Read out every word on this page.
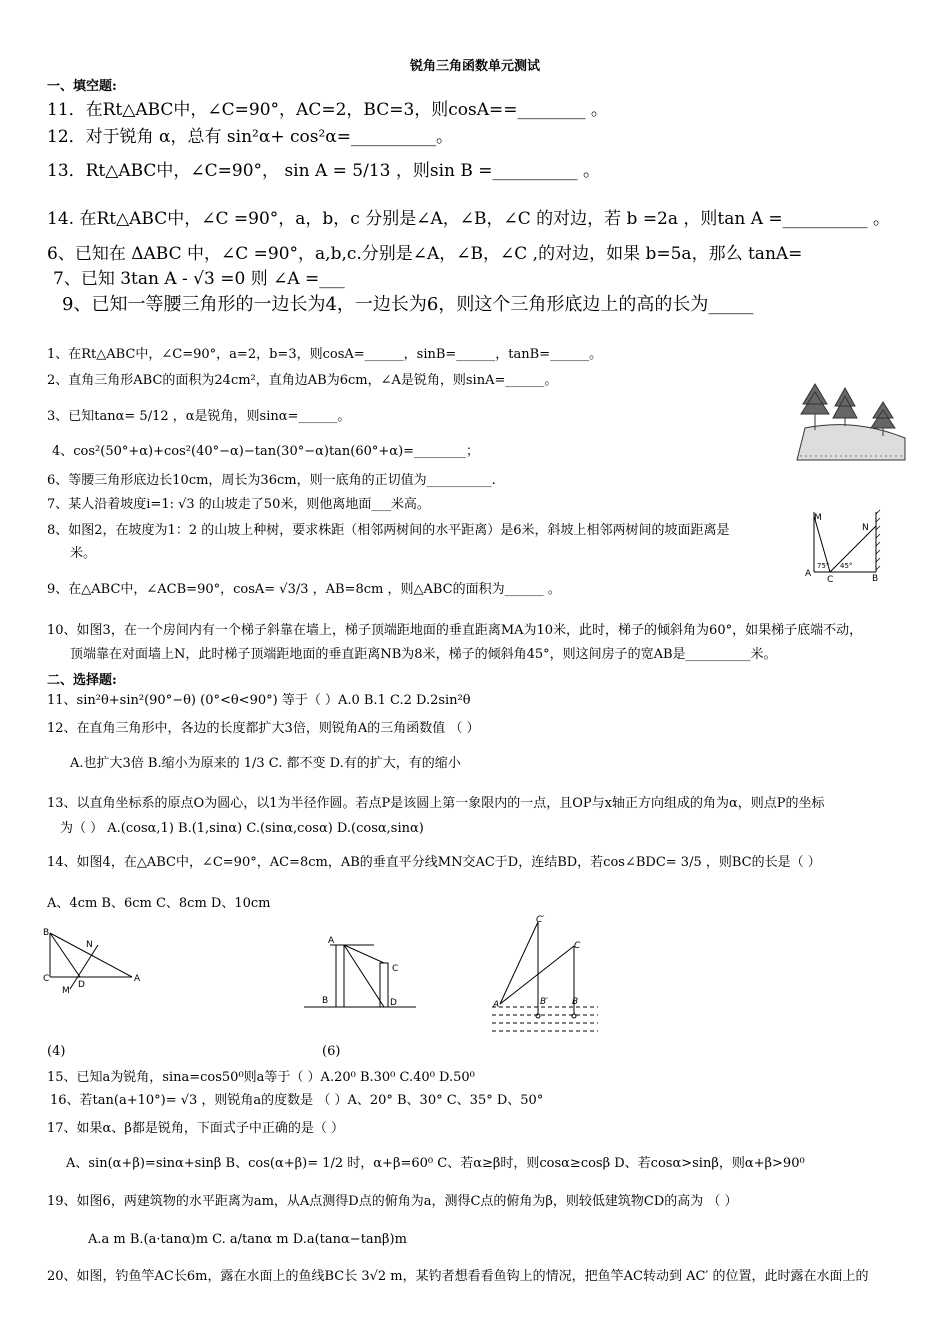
锐角三角函数单元测试
一、填空题:
11．在Rt△ABC中，∠C=90°，AC=2，BC=3，则cosA==________ 。
12．对于锐角 α，总有 sin²α+ cos²α=__________。
13．Rt△ABC中，∠C=90°， sin A = 5/13 ，则sin B =__________ 。
14. 在Rt△ABC中，∠C =90°，a，b，c 分别是∠A，∠B，∠C 的对边，若 b =2a ，则tan A =__________ 。
6、已知在 ΔABC 中，∠C =90°，a,b,c.分别是∠A，∠B，∠C ,的对边，如果 b=5a，那么 tanA=
7、已知 3tan A - √3 =0 则 ∠A =___
9、已知一等腰三角形的一边长为4，一边长为6，则这个三角形底边上的高的长为_____
1、在Rt△ABC中，∠C=90°，a=2，b=3，则cosA=______，sinB=______，tanB=______。
2、直角三角形ABC的面积为24cm²，直角边AB为6cm，∠A是锐角，则sinA=______。
3、已知tanα= 5/12 ，α是锐角，则sinα=______。
4、cos²(50°+α)+cos²(40°−α)−tan(30°−α)tan(60°+α)=________；
6、等腰三角形底边长10cm，周长为36cm，则一底角的正切值为__________.
7、某人沿着坡度i=1: √3 的山坡走了50米，则他离地面___米高。
8、如图2，在坡度为1：2 的山坡上种树，要求株距（相邻两树间的水平距离）是6米，斜坡上相邻两树间的坡面距离是
米。
9、在△ABC中，∠ACB=90°，cosA= √3/3 ，AB=8cm ，则△ABC的面积为______ 。
10、如图3，在一个房间内有一个梯子斜靠在墙上，梯子顶端距地面的垂直距离MA为10米，此时，梯子的倾斜角为60°，如果梯子底端不动，
顶端靠在对面墙上N，此时梯子顶端距地面的垂直距离NB为8米，梯子的倾斜角45°，则这间房子的宽AB是__________米。
二、选择题:
11、sin²θ+sin²(90°−θ) (0°<θ<90°) 等于（ ）A.0 B.1 C.2 D.2sin²θ
12、在直角三角形中，各边的长度都扩大3倍，则锐角A的三角函数值 （ ）
A.也扩大3倍 B.缩小为原来的 1/3 C. 都不变 D.有的扩大，有的缩小
13、以直角坐标系的原点O为圆心，以1为半径作圆。若点P是该圆上第一象限内的一点，且OP与x轴正方向组成的角为α，则点P的坐标
为（ ） A.(cosα,1) B.(1,sinα) C.(sinα,cosα) D.(cosα,sinα)
14、如图4，在△ABC中，∠C=90°，AC=8cm，AB的垂直平分线MN交AC于D，连结BD，若cos∠BDC= 3/5 ，则BC的长是（ ）
A、4cm B、6cm C、8cm D、10cm
(4)	(6)
15、已知a为锐角，sina=cos50⁰则a等于（ ）A.20⁰ B.30⁰ C.40⁰ D.50⁰
16、若tan(a+10°)= √3 ，则锐角a的度数是 （ ）A、20° B、30° C、35° D、50°
17、如果α、β都是锐角，下面式子中正确的是（ ）
A、sin(α+β)=sinα+sinβ B、cos(α+β)= 1/2 时，α+β=60⁰ C、若α≥β时，则cosα≥cosβ D、若cosα>sinβ，则α+β>90⁰
19、如图6，两建筑物的水平距离为am，从A点测得D点的俯角为a，测得C点的俯角为β，则较低建筑物CD的高为 （ ）
A.a m B.(a·tanα)m C. a/tanα m D.a(tanα−tanβ)m
20、如图，钓鱼竿AC长6m，露在水面上的鱼线BC长 3√2 m，某钓者想看看鱼钩上的情况，把鱼竿AC转动到 AC′ 的位置，此时露在水面上的
M
N
A
C	B
75° 45°
B
N
C
M
D
A
A
B
C
D
C′
C
A	B′	B
